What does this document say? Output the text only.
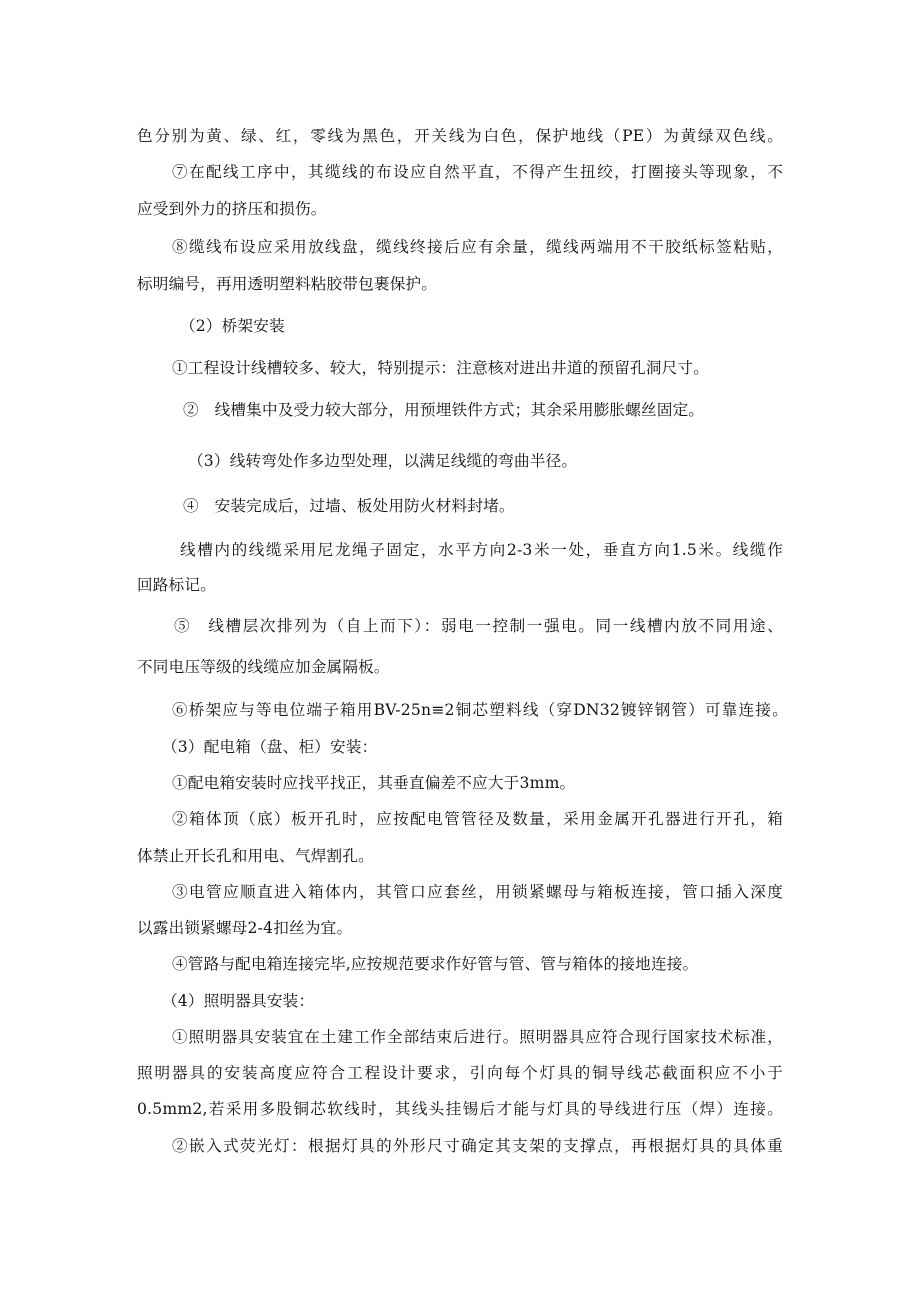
色分别为黄、绿、红，零线为黑色，开关线为白色，保护地线（PE）为黄绿双色线。
⑦在配线工序中，其缆线的布设应自然平直，不得产生扭绞，打圈接头等现象，不
应受到外力的挤压和损伤。
⑧缆线布设应采用放线盘，缆线终接后应有余量，缆线两端用不干胶纸标签粘贴，
标明编号，再用透明塑料粘胶带包裹保护。
（2）桥架安装
①工程设计线槽较多、较大，特别提示：注意核对进出井道的预留孔洞尺寸。
②　线槽集中及受力较大部分，用预埋铁件方式；其余采用膨胀螺丝固定。
（3）线转弯处作多边型处理，以满足线缆的弯曲半径。
④　安装完成后，过墙、板处用防火材料封堵。
线槽内的线缆采用尼龙绳子固定，水平方向2-3米一处，垂直方向1.5米。线缆作
回路标记。
⑤　线槽层次排列为（自上而下）：弱电一控制一强电。同一线槽内放不同用途、
不同电压等级的线缆应加金属隔板。
⑥桥架应与等电位端子箱用BV-25n≡2铜芯塑料线（穿DN32镀锌钢管）可靠连接。
（3）配电箱（盘、柜）安装：
①配电箱安装时应找平找正，其垂直偏差不应大于3mm。
②箱体顶（底）板开孔时，应按配电管管径及数量，采用金属开孔器进行开孔，箱
体禁止开长孔和用电、气焊割孔。
③电管应顺直进入箱体内，其管口应套丝，用锁紧螺母与箱板连接，管口插入深度
以露出锁紧螺母2-4扣丝为宜。
④管路与配电箱连接完毕,应按规范要求作好管与管、管与箱体的接地连接。
（4）照明器具安装：
①照明器具安装宜在土建工作全部结束后进行。照明器具应符合现行国家技术标准，
照明器具的安装高度应符合工程设计要求，引向每个灯具的铜导线芯截面积应不小于
0.5mm2,若采用多股铜芯软线时，其线头挂锡后才能与灯具的导线进行压（焊）连接。
②嵌入式荧光灯：根据灯具的外形尺寸确定其支架的支撑点，再根据灯具的具体重
